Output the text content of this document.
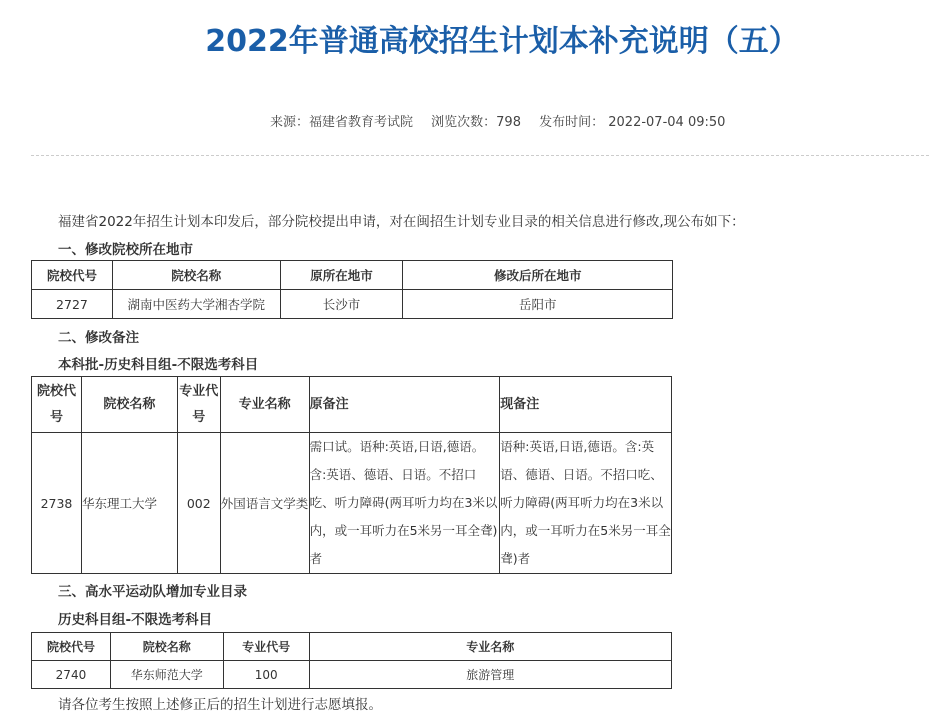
2022年普通高校招生计划本补充说明（五）
来源：福建省教育考试院 浏览次数：798 发布时间： 2022-07-04 09:50
福建省2022年招生计划本印发后，部分院校提出申请，对在闽招生计划专业目录的相关信息进行修改,现公布如下：
一、修改院校所在地市
院校代号	院校名称	原所在地市	修改后所在地市
2727	湖南中医药大学湘杏学院	长沙市	岳阳市
二、修改备注
本科批-历史科目组-不限选考科目
院校代号	院校名称	专业代号	专业名称	原备注	现备注
2738	华东理工大学	002	外国语言文学类	需口试。语种:英语,日语,德语。含:英语、德语、日语。不招口吃、听力障碍(两耳听力均在3米以内，或一耳听力在5米另一耳全聋)者	语种:英语,日语,德语。含:英语、德语、日语。不招口吃、听力障碍(两耳听力均在3米以内，或一耳听力在5米另一耳全聋)者
三、高水平运动队增加专业目录
历史科目组-不限选考科目
院校代号	院校名称	专业代号	专业名称
2740	华东师范大学	100	旅游管理
请各位考生按照上述修正后的招生计划进行志愿填报。
